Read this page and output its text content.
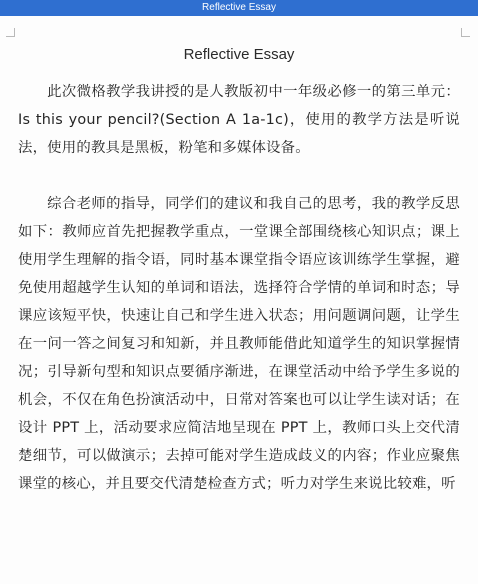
Reflective Essay
Reflective Essay

此次微格教学我讲授的是人教版初中一年级必修一的第三单元：Is this your pencil?(Section A 1a-1c)，使用的教学方法是听说法，使用的教具是黑板，粉笔和多媒体设备。

综合老师的指导，同学们的建议和我自己的思考，我的教学反思如下：教师应首先把握教学重点，一堂课全部围绕核心知识点；课上使用学生理解的指令语，同时基本课堂指令语应该训练学生掌握，避免使用超越学生认知的单词和语法，选择符合学情的单词和时态；导课应该短平快，快速让自己和学生进入状态；用问题调问题，让学生在一问一答之间复习和知新，并且教师能借此知道学生的知识掌握情况；引导新句型和知识点要循序渐进，在课堂活动中给予学生多说的机会，不仅在角色扮演活动中，日常对答案也可以让学生读对话；在设计 PPT 上，活动要求应简洁地呈现在 PPT 上，教师口头上交代清楚细节，可以做演示；去掉可能对学生造成歧义的内容；作业应聚焦课堂的核心，并且要交代清楚检查方式；听力对学生来说比较难，听
